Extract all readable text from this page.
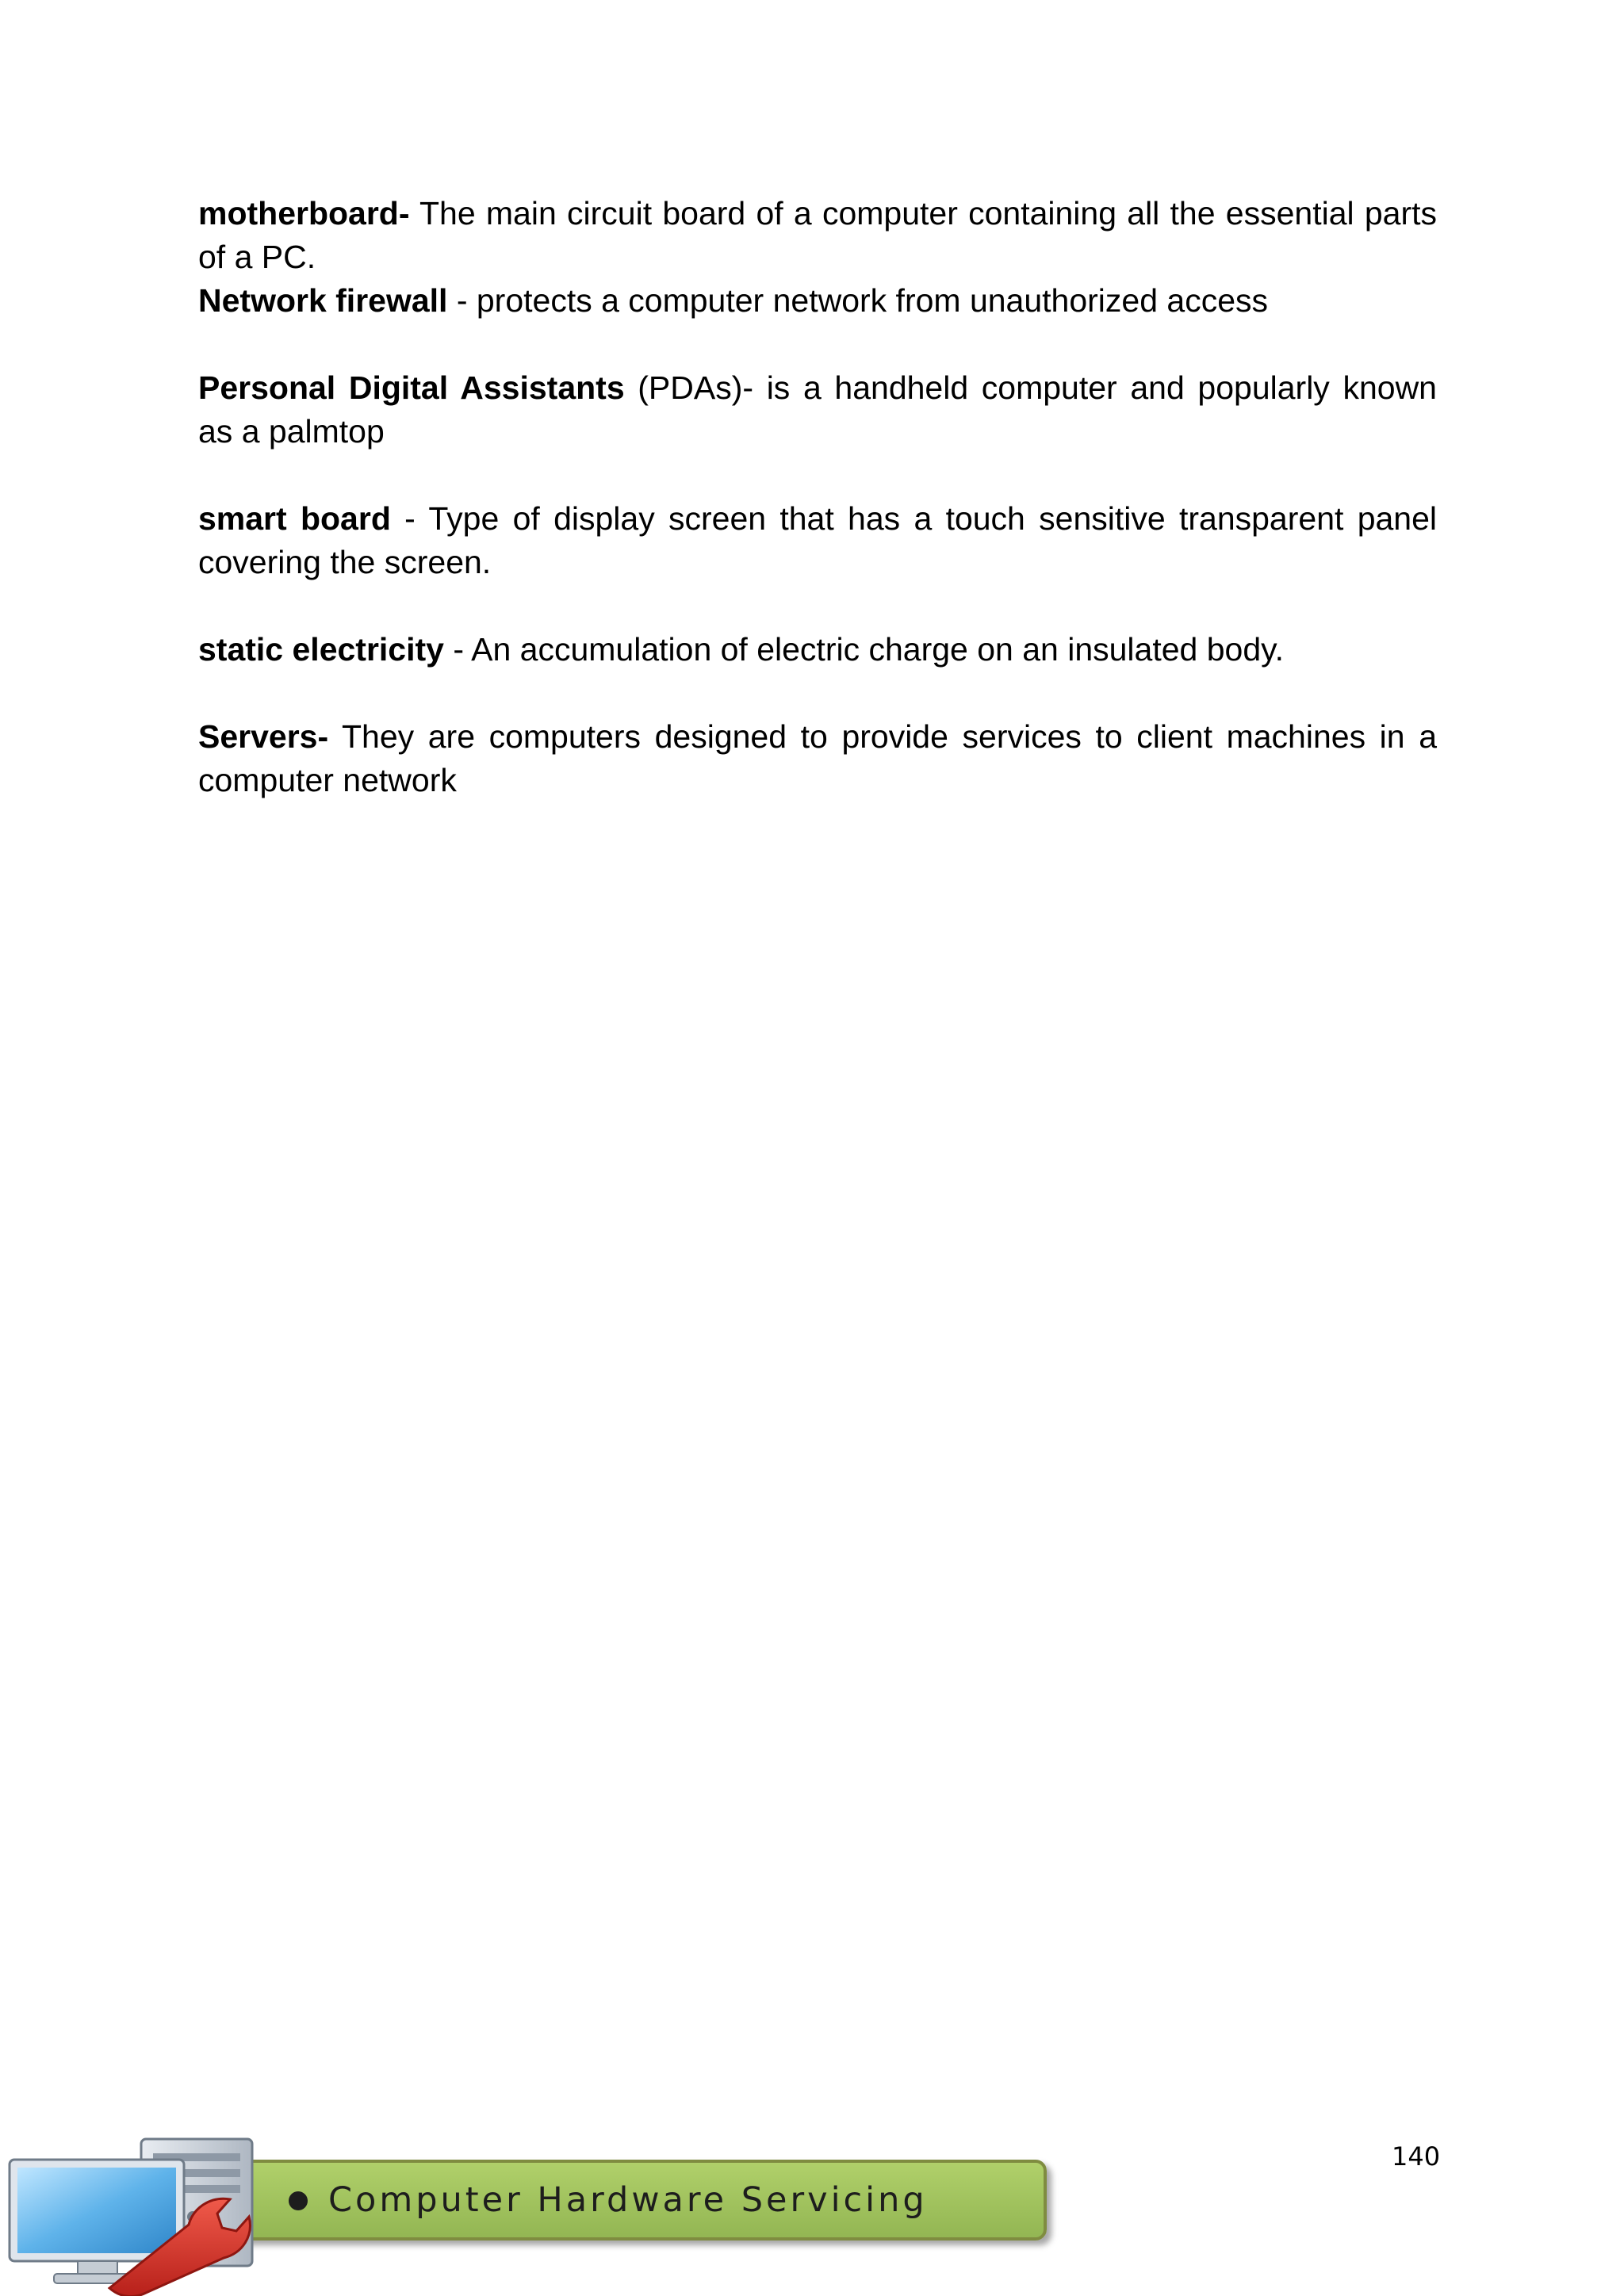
motherboard- The main circuit board of a computer containing all the essential parts of a PC.

Network firewall - protects a computer network from unauthorized access

Personal Digital Assistants (PDAs)- is a handheld computer and popularly known as a palmtop

smart board - Type of display screen that has a touch sensitive transparent panel covering the screen.

static electricity - An accumulation of electric charge on an insulated body.

Servers- They are computers designed to provide services to client machines in a computer network

140
Computer Hardware Servicing
